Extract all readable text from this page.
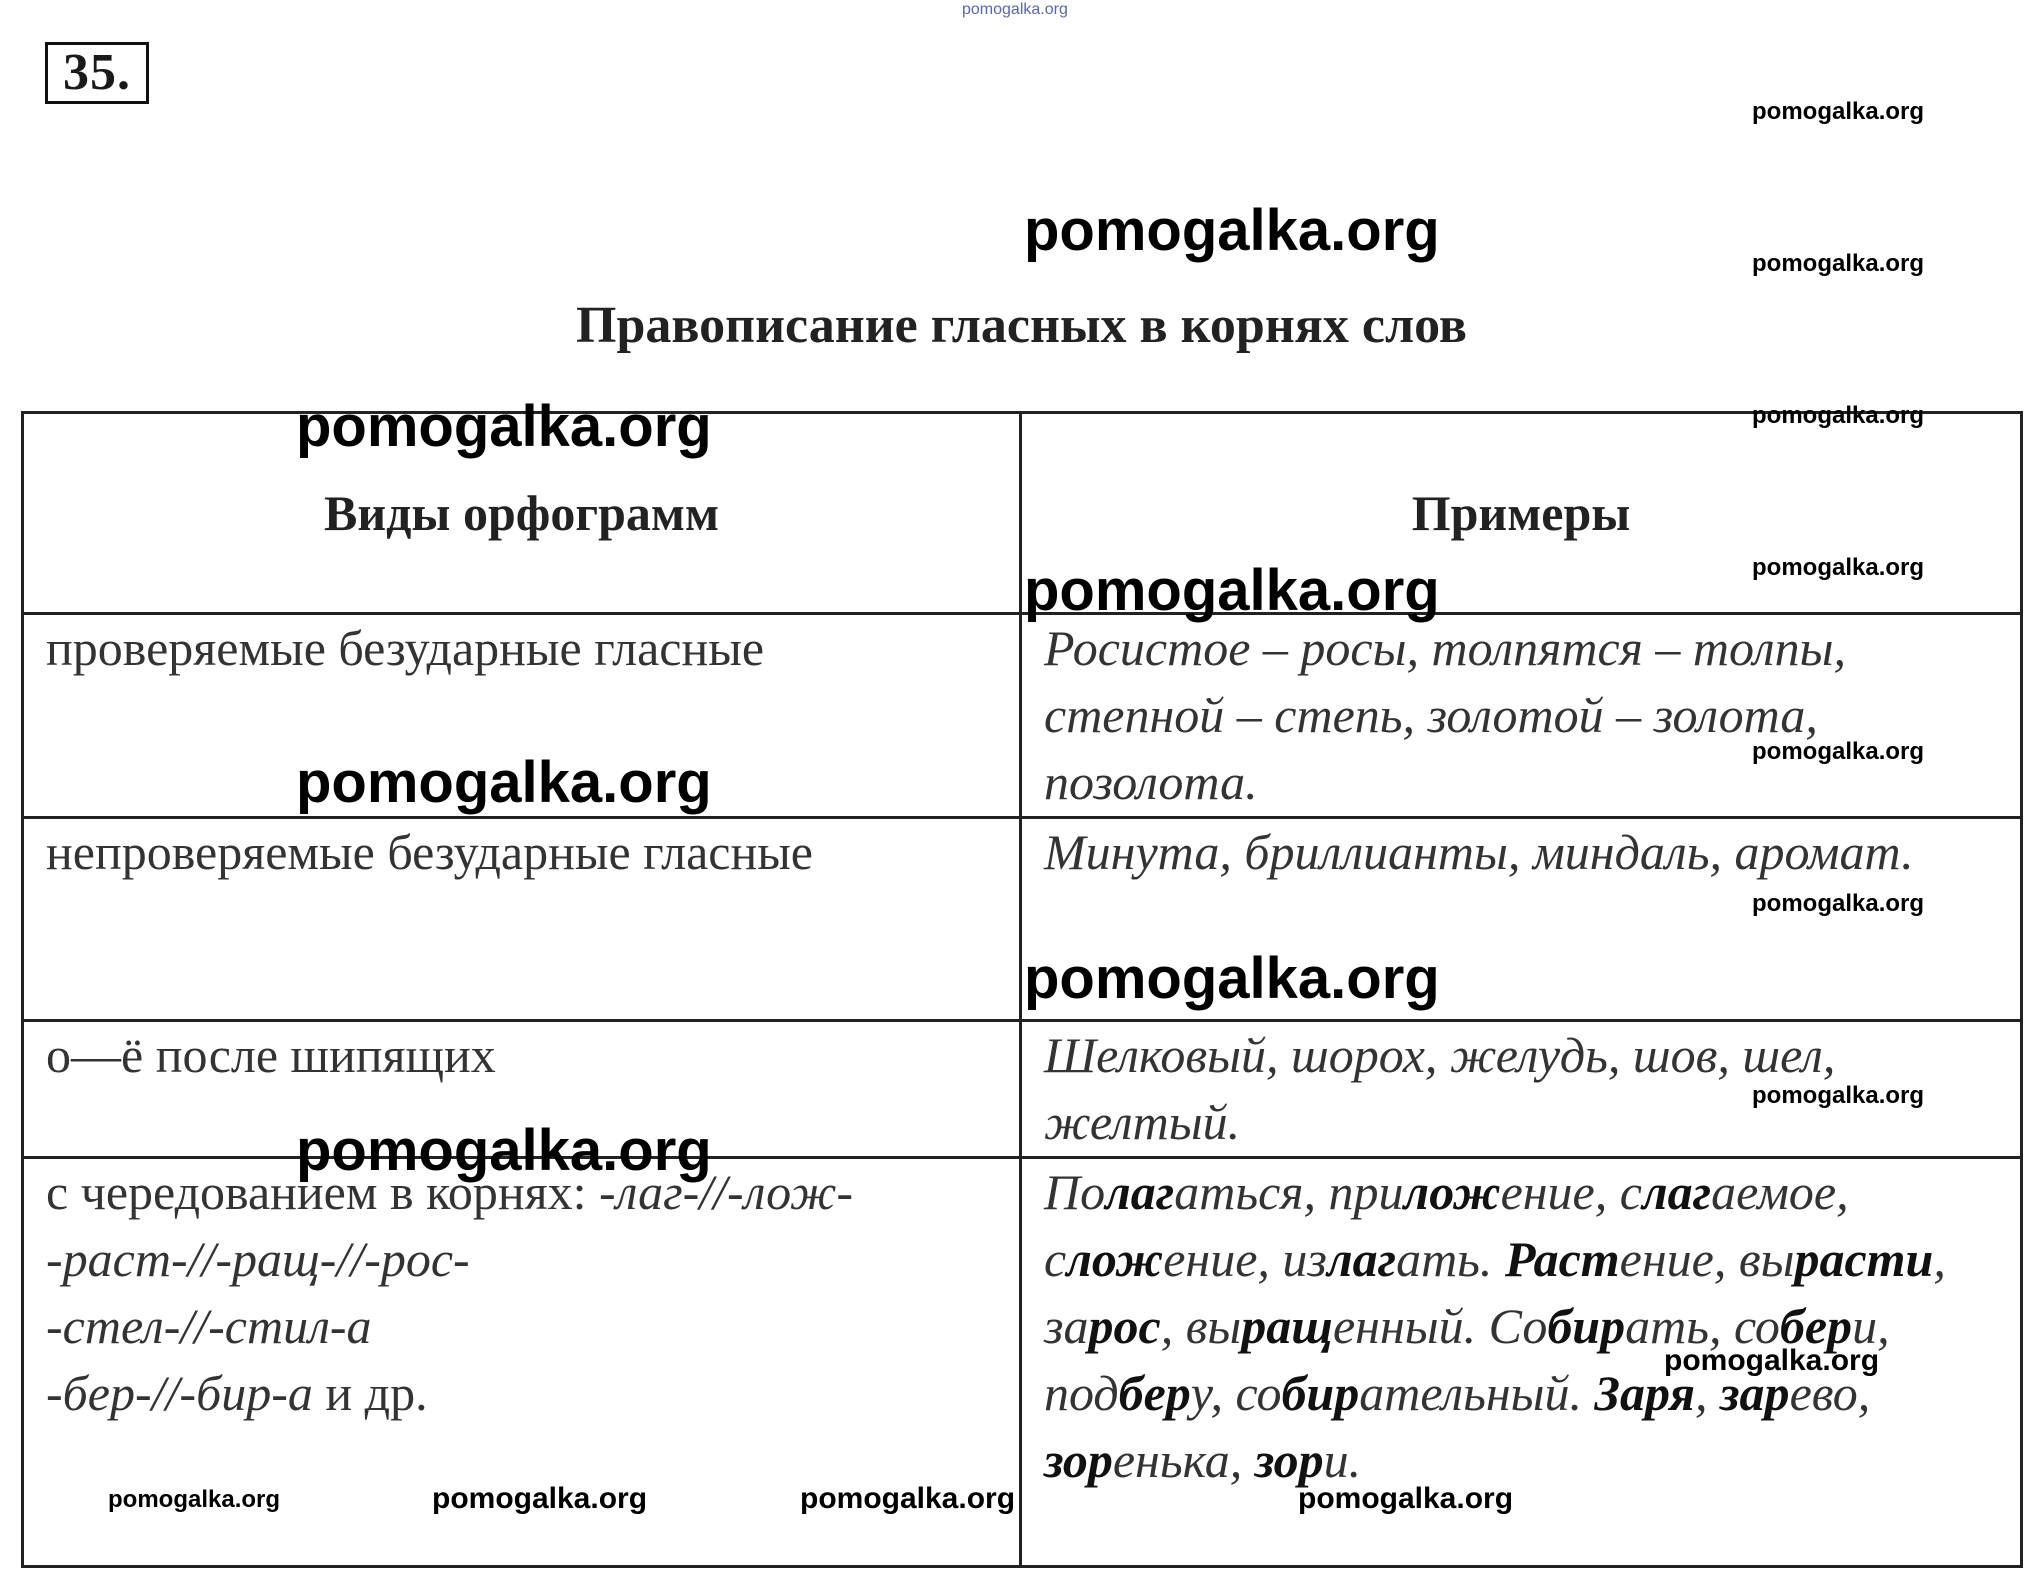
35.
Правописание гласных в корнях слов
Виды орфограмм	Примеры
проверяемые безударные гласные	Росистое – росы, толпятся – толпы, степной – степь, золотой – золота, позолота.
непроверяемые безударные гласные	Минута, бриллианты, миндаль, аромат.
о—ё после шипящих	Шелковый, шорох, желудь, шов, шел, желтый.
с чередованием в корнях: -лаг-//-лож-
-раст-//-ращ-//-рос-
-стел-//-стил-а
-бер-//-бир-а и др.	Полагаться, приложение, слагаемое, сложение, излагать. Растение, вырасти, зарос, выращенный. Собирать, собери, подберу, собирательный. Заря, зарево, зоренька, зори.
pomogalka.org
pomogalka.org
pomogalka.org
pomogalka.org
pomogalka.org	pomogalka.org
pomogalka.org
pomogalka.org
pomogalka.org
pomogalka.org
pomogalka.org
pomogalka.org
pomogalka.org
pomogalka.org
pomogalka.org
pomogalka.org	pomogalka.org	pomogalka.org	pomogalka.org
